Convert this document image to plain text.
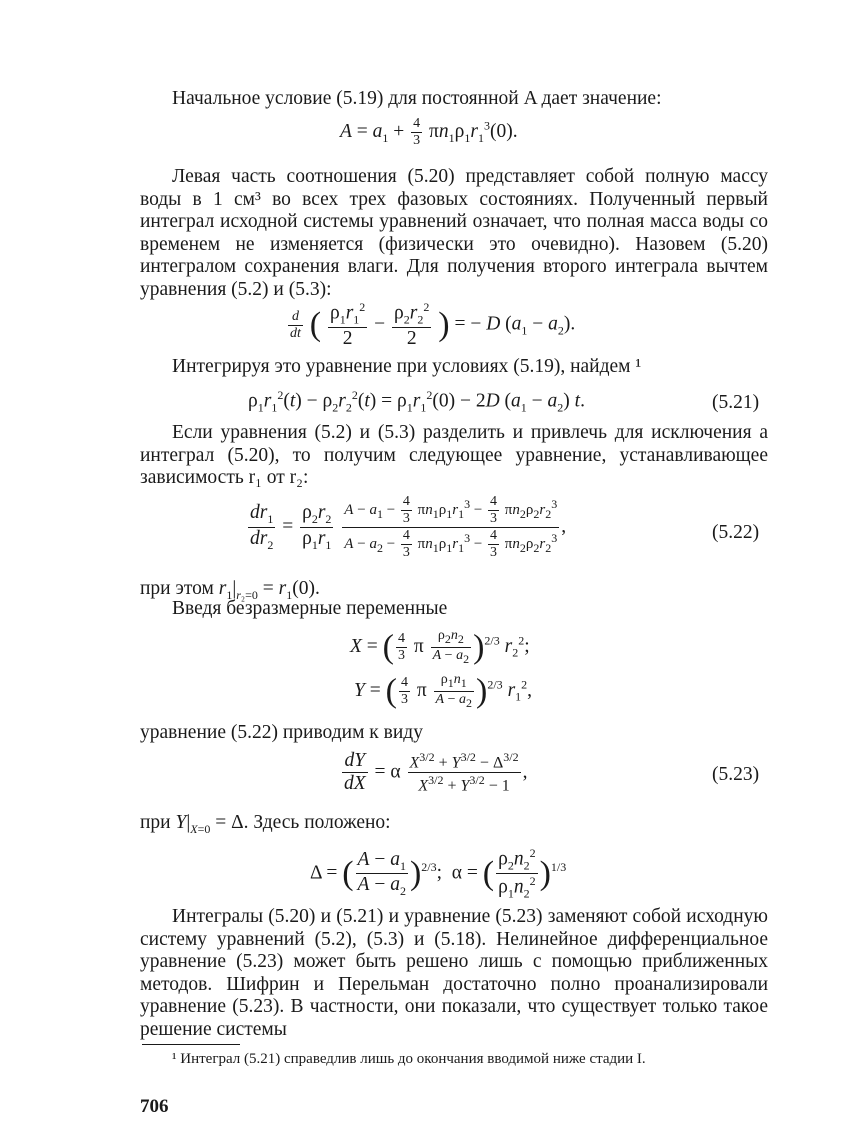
Начальное условие (5.19) для постоянной A дает значение:

$A = a_1 + \frac{4}{3} \pi n_1\rho_1r_1^3(0)$.

Левая часть соотношения (5.20) представляет собой полную массу воды в 1 см³ во всех трех фазовых состояниях. Полученный первый интеграл исходной системы уравнений означает, что полная масса воды со временем не изменяется (физически это очевидно). Назовем (5.20) интегралом сохранения влаги. Для получения второго интеграла вычтем уравнения (5.2) и (5.3):

$\frac{d}{dt}$ ( $\frac{\rho_1r_1^2}{2} - \frac{\rho_2r_2^2}{2}$ ) = − D $(a_1 - a_2)$.

Интегрируя это уравнение при условиях (5.19), найдем ¹

$\rho_1r_1^2(t) - \rho_2r_2^2(t) = \rho_1r_1^2(0) - 2D$ $(a_1 - a_2)$ t.	(5.21)

Если уравнения (5.2) и (5.3) разделить и привлечь для исключения a интеграл (5.20), то получим следующее уравнение, устанавливающее зависимость r₁ от r₂:

$\frac{dr_1}{dr_2} = \frac{\rho_2r_2}{\rho_1r_1}$
$\frac{A - a_1 - \frac{4}{3} \pi n_1\rho_1r_1^3 - \frac{4}{3} \pi n_2\rho_2r_2^3}{A - a_2 - \frac{4}{3} \pi n_1\rho_1r_1^3 - \frac{4}{3} \pi n_2\rho_2r_2^3}$ ,	(5.22)
при этом $r_1|_{r_2=0} = r_1(0)$.

Введя безразмерные переменные

X = ( $\frac{4}{3}$ π $\frac{\rho_2n_2}{A - a_2} )^{2/3}$ $r_2^2$;
Y = ( $\frac{4}{3}$ π $\frac{\rho_1n_1}{A - a_2} )^{2/3}$ $r_1^2$,

уравнение (5.22) приводим к виду

$\frac{dY}{dX} = \alpha \frac{X^{3/2} + Y^{3/2} - \Delta^{3/2}}{X^{3/2} + Y^{3/2} - 1}$ ,	(5.23)
при $Y|_{X=0} = \Delta$. Здесь положено:
Δ = ( $\frac{A - a_1}{A - a_2} )^{2/3}$;  α = ( $\frac{\rho_2n_2^2}{\rho_1n_2^2} )^{1/3}$

Интегралы (5.20) и (5.21) и уравнение (5.23) заменяют собой исходную систему уравнений (5.2), (5.3) и (5.18). Нелинейное дифференциальное уравнение (5.23) может быть решено лишь с помощью приближенных методов. Шифрин и Перельман достаточно полно проанализировали уравнение (5.23). В частности, они показали, что существует только такое решение системы

¹ Интеграл (5.21) справедлив лишь до окончания вводимой ниже стадии I.

706
